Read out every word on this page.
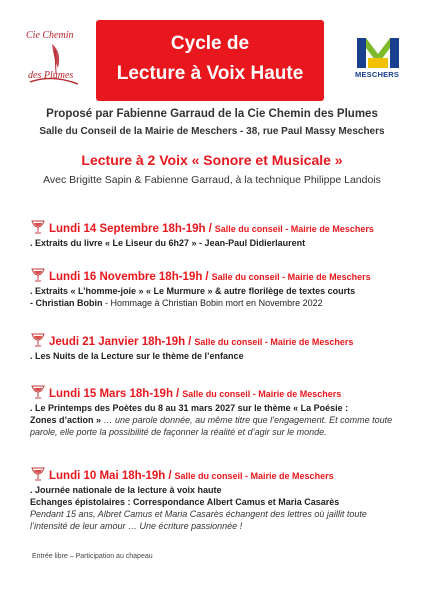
Cie Chemin
des Plumes
Cycle de
Lecture à Voix Haute	MESCHERS
Proposé par Fabienne Garraud de la Cie Chemin des Plumes
Salle du Conseil de la Mairie de Meschers - 38, rue Paul Massy Meschers
Lecture à 2 Voix « Sonore et Musicale »
Avec Brigitte Sapin & Fabienne Garraud, à la technique Philippe Landois
Lundi 14 Septembre 18h-19h / Salle du conseil - Mairie de Meschers
. Extraits du livre « Le Liseur du 6h27 » - Jean-Paul Didierlaurent
Lundi 16 Novembre 18h-19h / Salle du conseil - Mairie de Meschers
. Extraits « L’homme-joie » « Le Murmure » & autre florilège de textes courts
- Christian Bobin - Hommage à Christian Bobin mort en Novembre 2022
Jeudi 21 Janvier 18h-19h / Salle du conseil - Mairie de Meschers
. Les Nuits de la Lecture sur le thème de l’enfance
Lundi 15 Mars 18h-19h / Salle du conseil - Mairie de Meschers
. Le Printemps des Poètes du 8 au 31 mars 2027 sur le thème « La Poésie :
Zones d’action » … une parole donnée, au même titre que l’engagement. Et comme toute
parole, elle porte la possibilité de façonner la réalité et d’agir sur le monde.
Lundi 10 Mai 18h-19h / Salle du conseil - Mairie de Meschers
. Journée nationale de la lecture à voix haute
Echanges épistolaires : Correspondance Albert Camus et Maria Casarès
Pendant 15 ans, Albret Camus et Maria Casarès échangent des lettres où jaillit toute
l’intensité de leur amour … Une écriture passionnée !
Entrée libre – Participation au chapeau
